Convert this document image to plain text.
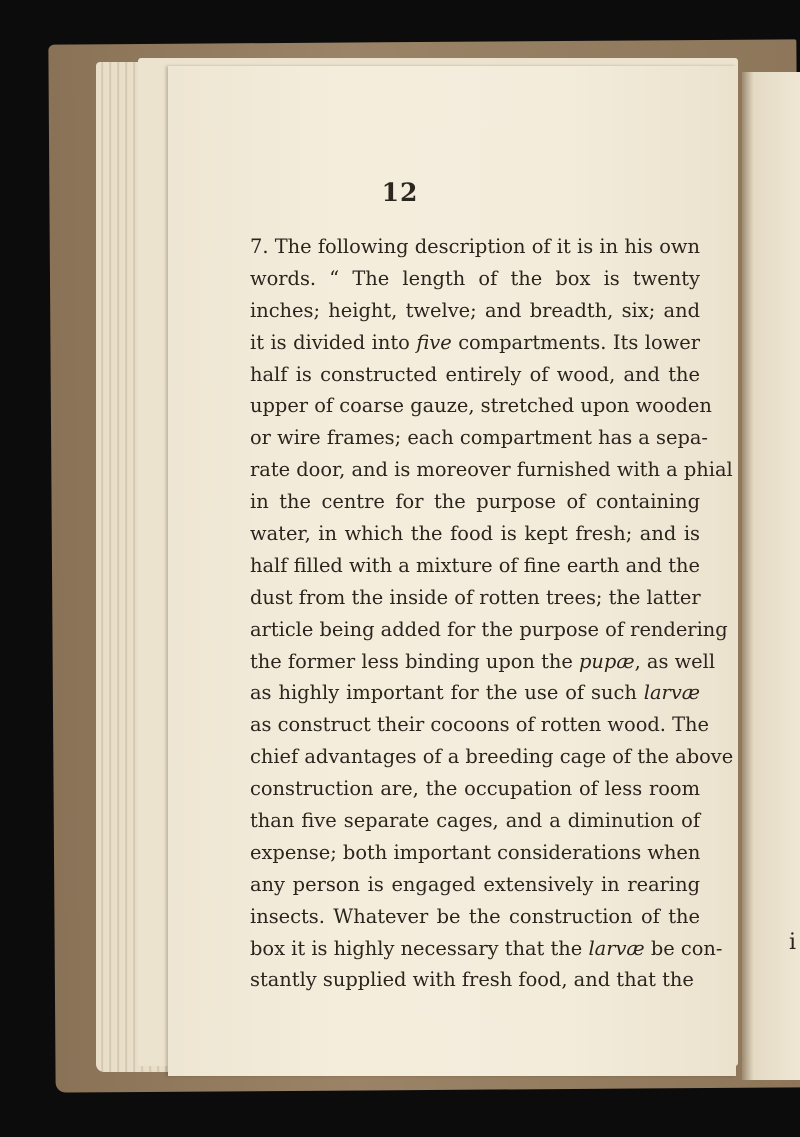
i
12
7. The following description of it is in his own
words. “ The length of the box is twenty
inches; height, twelve; and breadth, six; and
it is divided into five compartments. Its lower
half is constructed entirely of wood, and the
upper of coarse gauze, stretched upon wooden
or wire frames; each compartment has a sepa-
rate door, and is moreover furnished with a phial
in the centre for the purpose of containing
water, in which the food is kept fresh; and is
half filled with a mixture of fine earth and the
dust from the inside of rotten trees; the latter
article being added for the purpose of rendering
the former less binding upon the pupæ, as well
as highly important for the use of such larvæ
as construct their cocoons of rotten wood. The
chief advantages of a breeding cage of the above
construction are, the occupation of less room
than five separate cages, and a diminution of
expense; both important considerations when
any person is engaged extensively in rearing
insects. Whatever be the construction of the
box it is highly necessary that the larvæ be con-
stantly supplied with fresh food, and that the
